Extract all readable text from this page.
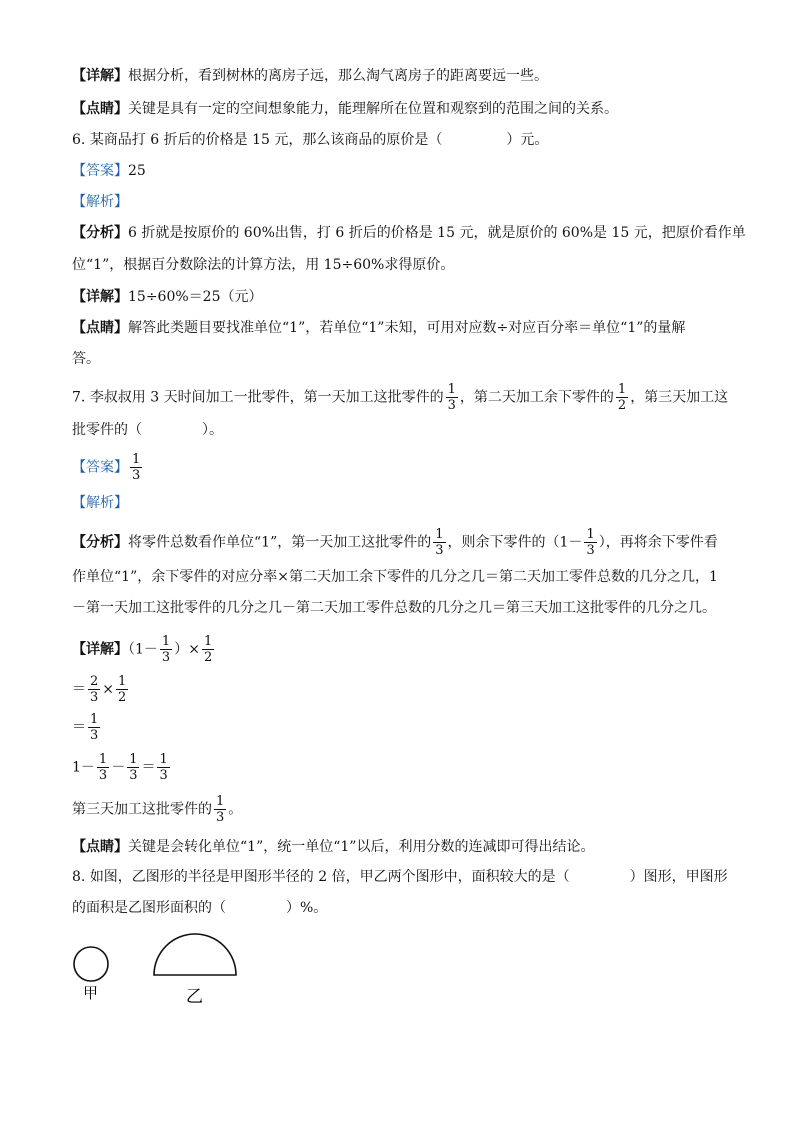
【详解】根据分析，看到树林的离房子远，那么淘气离房子的距离要远一些。
【点睛】关键是具有一定的空间想象能力，能理解所在位置和观察到的范围之间的关系。
6. 某商品打 6 折后的价格是 15 元，那么该商品的原价是（	）元。
【答案】25
【解析】
【分析】6 折就是按原价的 60%出售，打 6 折后的价格是 15 元，就是原价的 60%是 15 元，把原价看作单
位“1”，根据百分数除法的计算方法，用 15÷60%求得原价。
【详解】15÷60%＝25（元）
【点睛】解答此类题目要找准单位“1”，若单位“1”未知，可用对应数÷对应百分率＝单位“1”的量解
答。
7. 李叔叔用 3 天时间加工一批零件，第一天加工这批零件的 $\frac{1}{3}$ ，第二天加工余下零件的 $\frac{1}{2}$ ，第三天加工这
批零件的（	）。
【答案】 $\frac{1}{3}$
【解析】
【分析】将零件总数看作单位“1”，第一天加工这批零件的 $\frac{1}{3}$ ，则余下零件的（$1- \frac{1}{3}$ ），再将余下零件看
作单位“1”，余下零件的对应分率×第二天加工余下零件的几分之几＝第二天加工零件总数的几分之几，1
－第一天加工这批零件的几分之几－第二天加工零件总数的几分之几＝第三天加工这批零件的几分之几。
【详解】（$1- \frac{1}{3}$ ）× $\frac{1}{2}$
＝ $\frac{2}{3} \times \frac{1}{2}$
＝ $\frac{1}{3}$
$1- \frac{1}{3} - \frac{1}{3} = \frac{1}{3}$
第三天加工这批零件的 $\frac{1}{3}$ 。
【点睛】关键是会转化单位“1”，统一单位“1”以后，利用分数的连减即可得出结论。
8. 如图，乙图形的半径是甲图形半径的 2 倍，甲乙两个图形中，面积较大的是（	）图形，甲图形
的面积是乙图形面积的（	）%。
甲	乙
